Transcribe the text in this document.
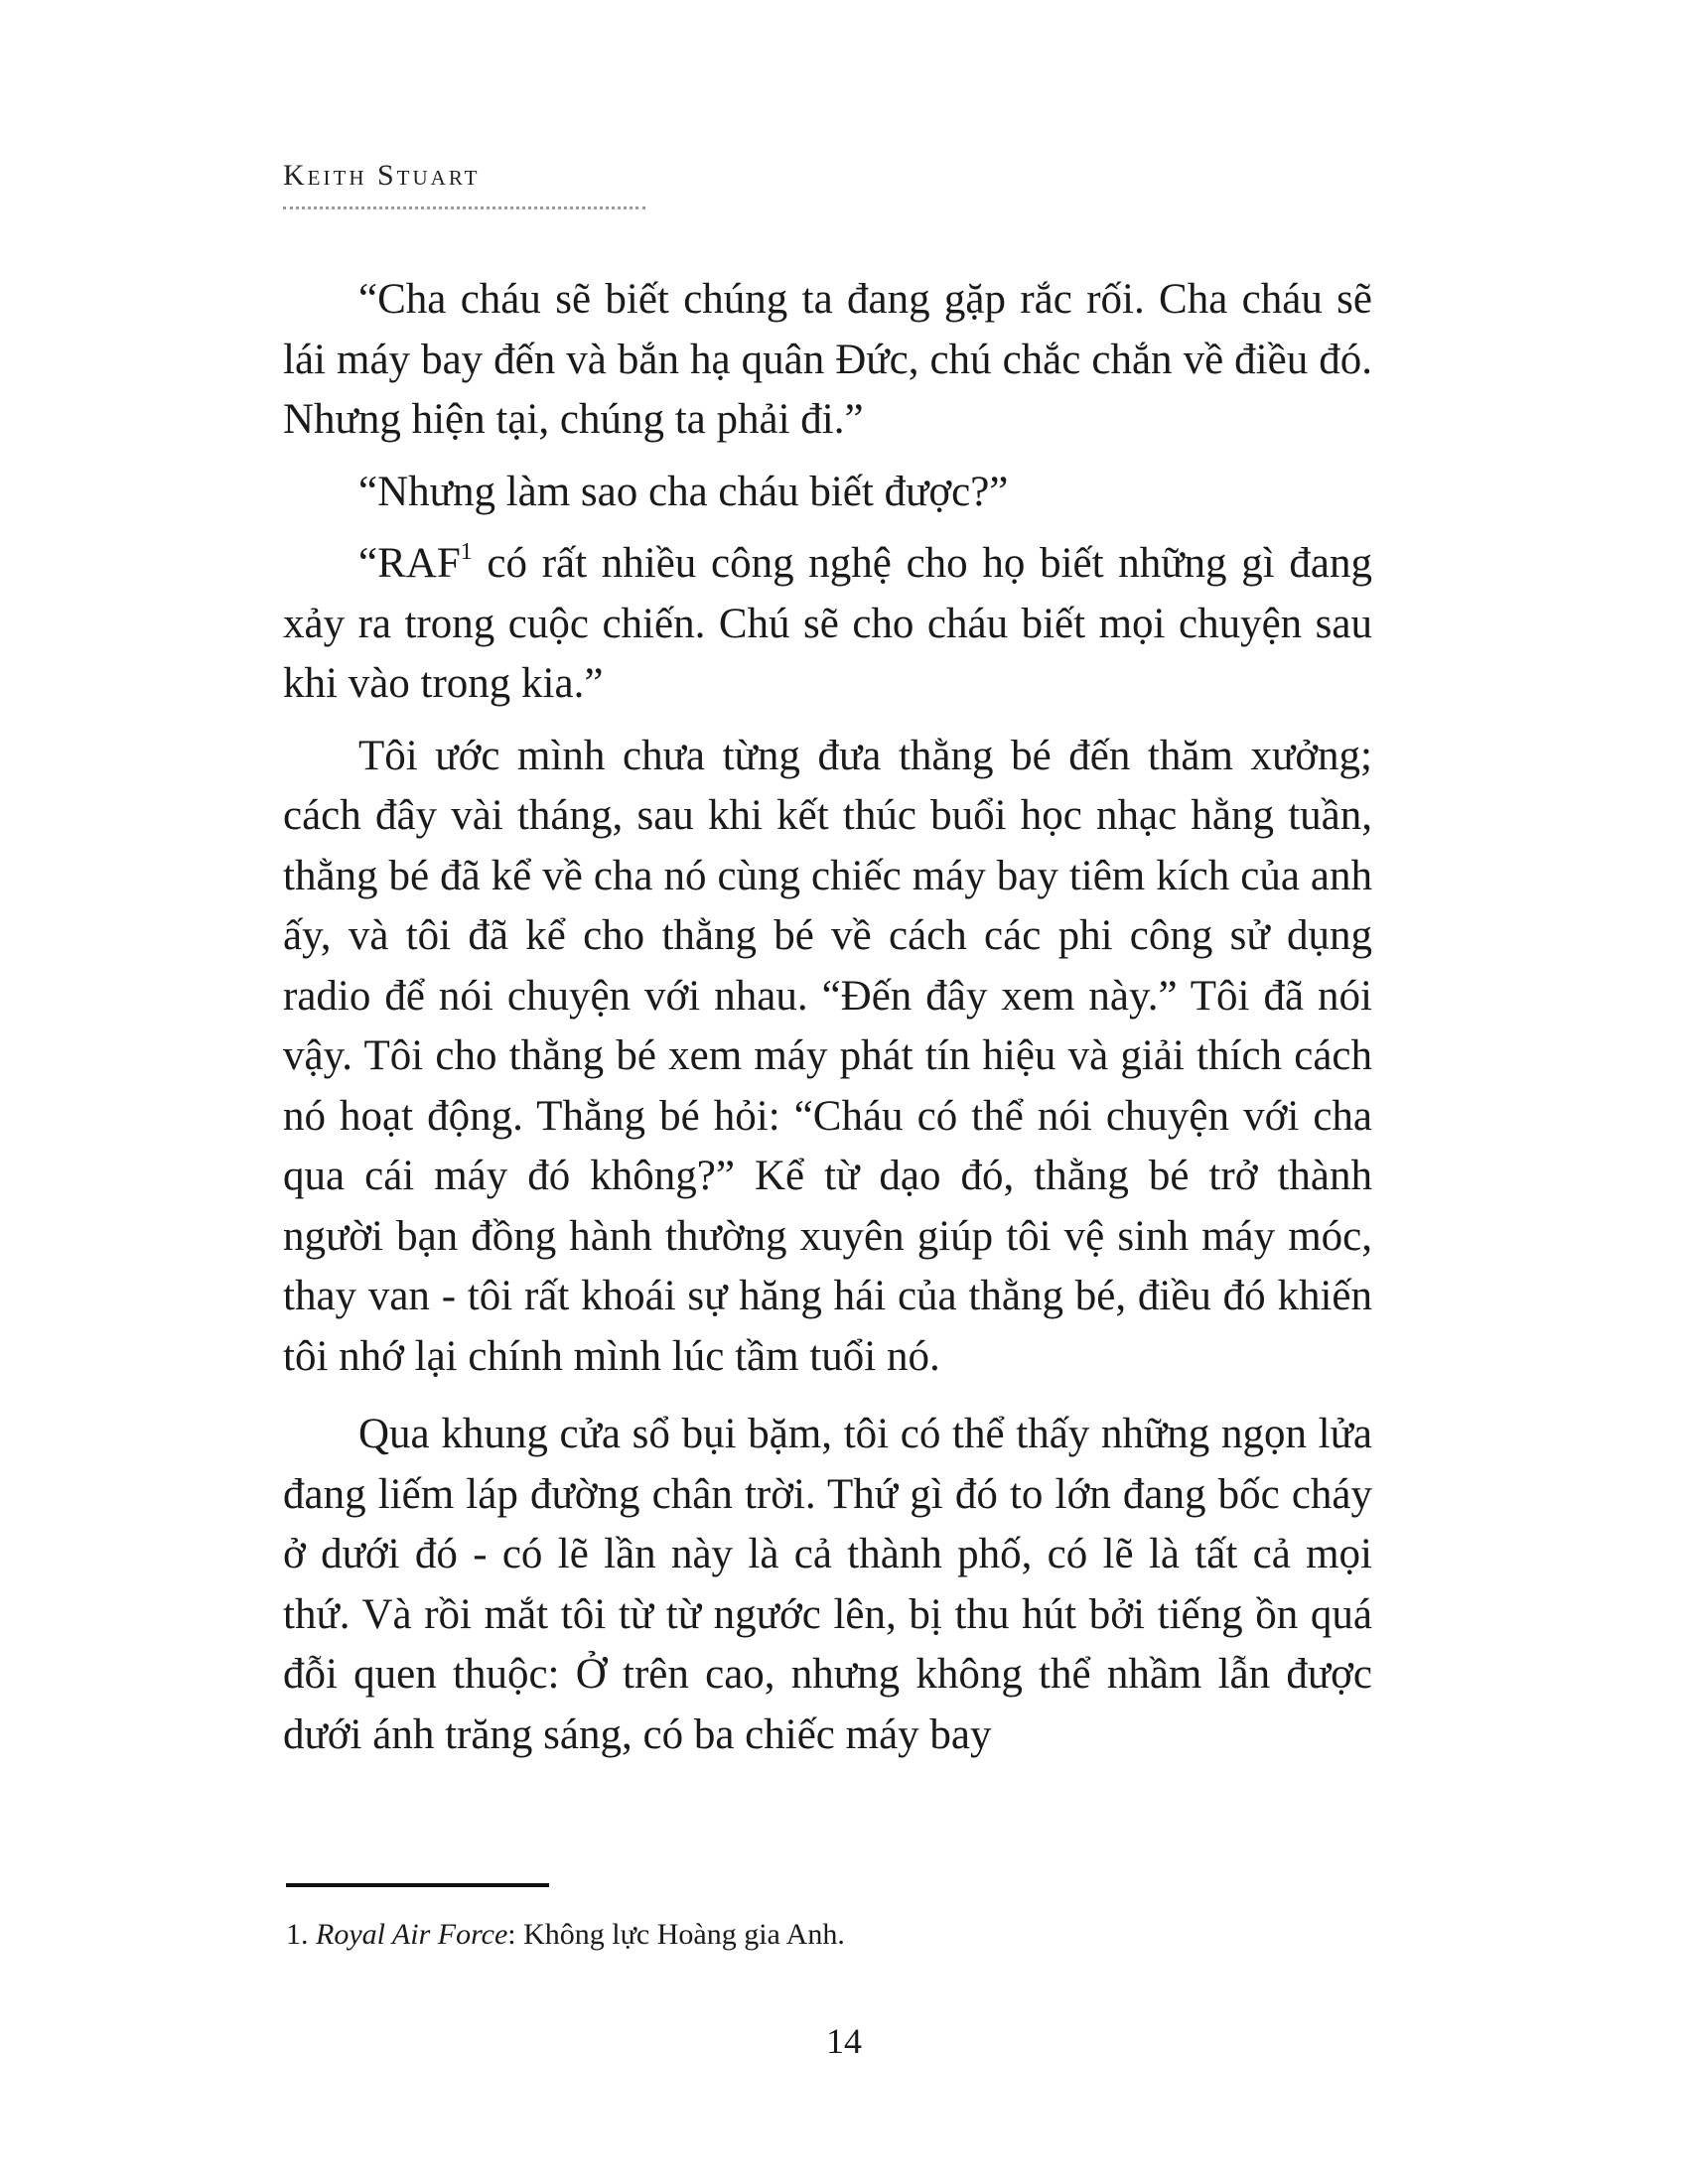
Keith Stuart

“Cha cháu sẽ biết chúng ta đang gặp rắc rối. Cha cháu sẽ lái máy bay đến và bắn hạ quân Đức, chú chắc chắn về điều đó. Nhưng hiện tại, chúng ta phải đi.”

“Nhưng làm sao cha cháu biết được?”

“RAF$^1$ có rất nhiều công nghệ cho họ biết những gì đang xảy ra trong cuộc chiến. Chú sẽ cho cháu biết mọi chuyện sau khi vào trong kia.”

Tôi ước mình chưa từng đưa thằng bé đến thăm xưởng; cách đây vài tháng, sau khi kết thúc buổi học nhạc hằng tuần, thằng bé đã kể về cha nó cùng chiếc máy bay tiêm kích của anh ấy, và tôi đã kể cho thằng bé về cách các phi công sử dụng radio để nói chuyện với nhau. “Đến đây xem này.” Tôi đã nói vậy. Tôi cho thằng bé xem máy phát tín hiệu và giải thích cách nó hoạt động. Thằng bé hỏi: “Cháu có thể nói chuyện với cha qua cái máy đó không?” Kể từ dạo đó, thằng bé trở thành người bạn đồng hành thường xuyên giúp tôi vệ sinh máy móc, thay van - tôi rất khoái sự hăng hái của thằng bé, điều đó khiến tôi nhớ lại chính mình lúc tầm tuổi nó.

Qua khung cửa sổ bụi bặm, tôi có thể thấy những ngọn lửa đang liếm láp đường chân trời. Thứ gì đó to lớn đang bốc cháy ở dưới đó - có lẽ lần này là cả thành phố, có lẽ là tất cả mọi thứ. Và rồi mắt tôi từ từ ngước lên, bị thu hút bởi tiếng ồn quá đỗi quen thuộc: Ở trên cao, nhưng không thể nhầm lẫn được dưới ánh trăng sáng, có ba chiếc máy bay

1. Royal Air Force: Không lực Hoàng gia Anh.
14
